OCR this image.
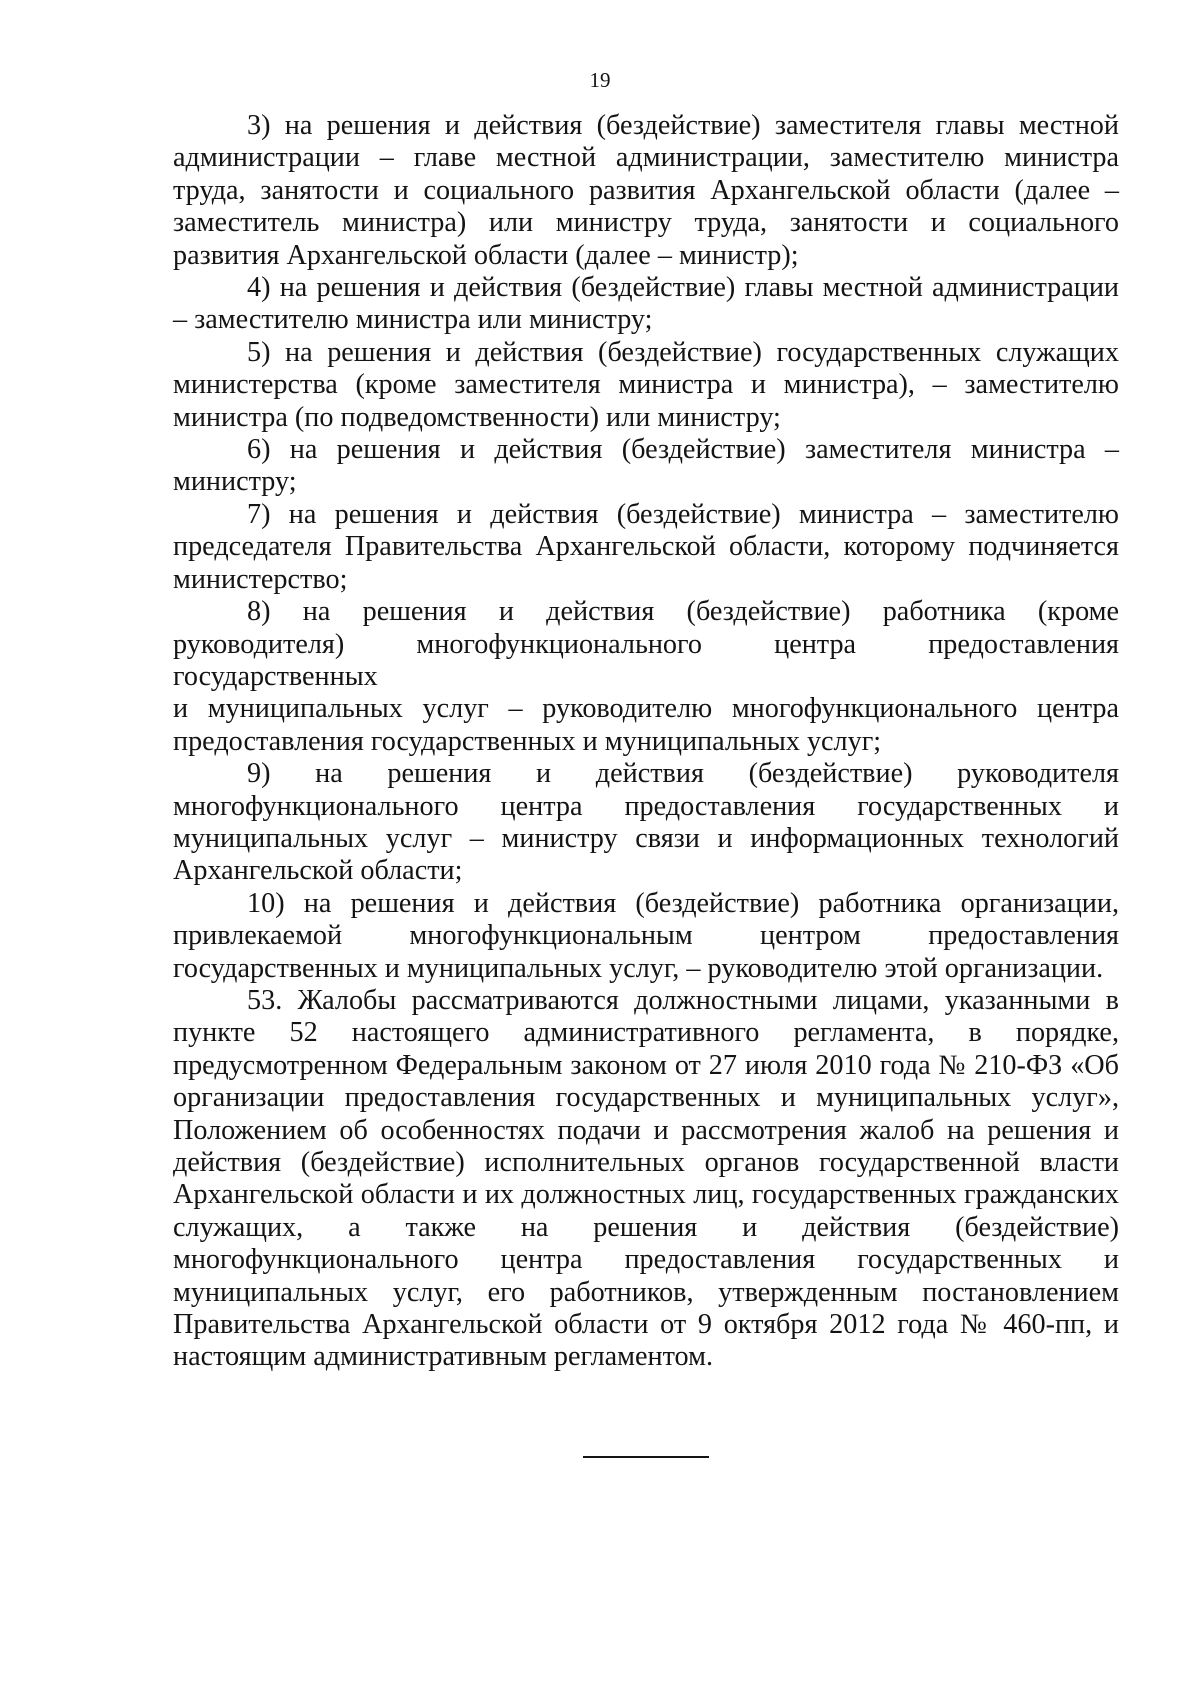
19

3) на решения и действия (бездействие) заместителя главы местной администрации – главе местной администрации, заместителю министра труда, занятости и социального развития Архангельской области (далее – заместитель министра) или министру труда, занятости и социального развития Архангельской области (далее – министр);

4) на решения и действия (бездействие) главы местной администрации – заместителю министра или министру;

5) на решения и действия (бездействие) государственных служащих министерства (кроме заместителя министра и министра), – заместителю министра (по подведомственности) или министру;

6) на решения и действия (бездействие) заместителя министра – министру;

7) на решения и действия (бездействие) министра – заместителю председателя Правительства Архангельской области, которому подчиняется министерство;

8) на решения и действия (бездействие) работника (кроме руководителя) многофункционального центра предоставления государственных

и муниципальных услуг – руководителю многофункционального центра предоставления государственных и муниципальных услуг;

9) на решения и действия (бездействие) руководителя многофункционального центра предоставления государственных и муниципальных услуг – министру связи и информационных технологий Архангельской области;

10) на решения и действия (бездействие) работника организации, привлекаемой многофункциональным центром предоставления государственных и муниципальных услуг, – руководителю этой организации.

53. Жалобы рассматриваются должностными лицами, указанными в пункте 52 настоящего административного регламента, в порядке, предусмотренном Федеральным законом от 27 июля 2010 года № 210-ФЗ «Об организации предоставления государственных и муниципальных услуг», Положением об особенностях подачи и рассмотрения жалоб на решения и действия (бездействие) исполнительных органов государственной власти Архангельской области и их должностных лиц, государственных гражданских служащих, а также на решения и действия (бездействие) многофункционального центра предоставления государственных и муниципальных услуг, его работников, утвержденным постановлением Правительства Архангельской области от 9 октября 2012 года № 460-пп, и настоящим административным регламентом.
